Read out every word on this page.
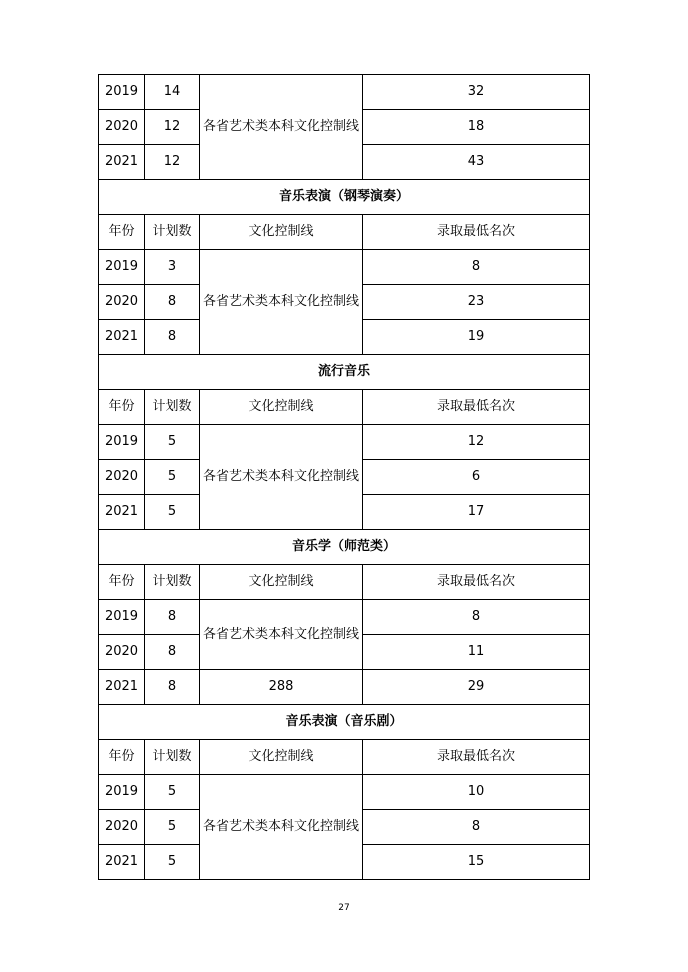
2019	14	各省艺术类本科文化控制线	32
2020	12		18
2021	12		43
音乐表演（钢琴演奏）			
年份	计划数	文化控制线	录取最低名次
2019	3	各省艺术类本科文化控制线	8
2020	8		23
2021	8		19
流行音乐			
年份	计划数	文化控制线	录取最低名次
2019	5	各省艺术类本科文化控制线	12
2020	5		6
2021	5		17
音乐学（师范类）			
年份	计划数	文化控制线	录取最低名次
2019	8	各省艺术类本科文化控制线	8
2020	8		11
2021	8	288	29
音乐表演（音乐剧）			
年份	计划数	文化控制线	录取最低名次
2019	5	各省艺术类本科文化控制线	10
2020	5		8
2021	5		15
27
